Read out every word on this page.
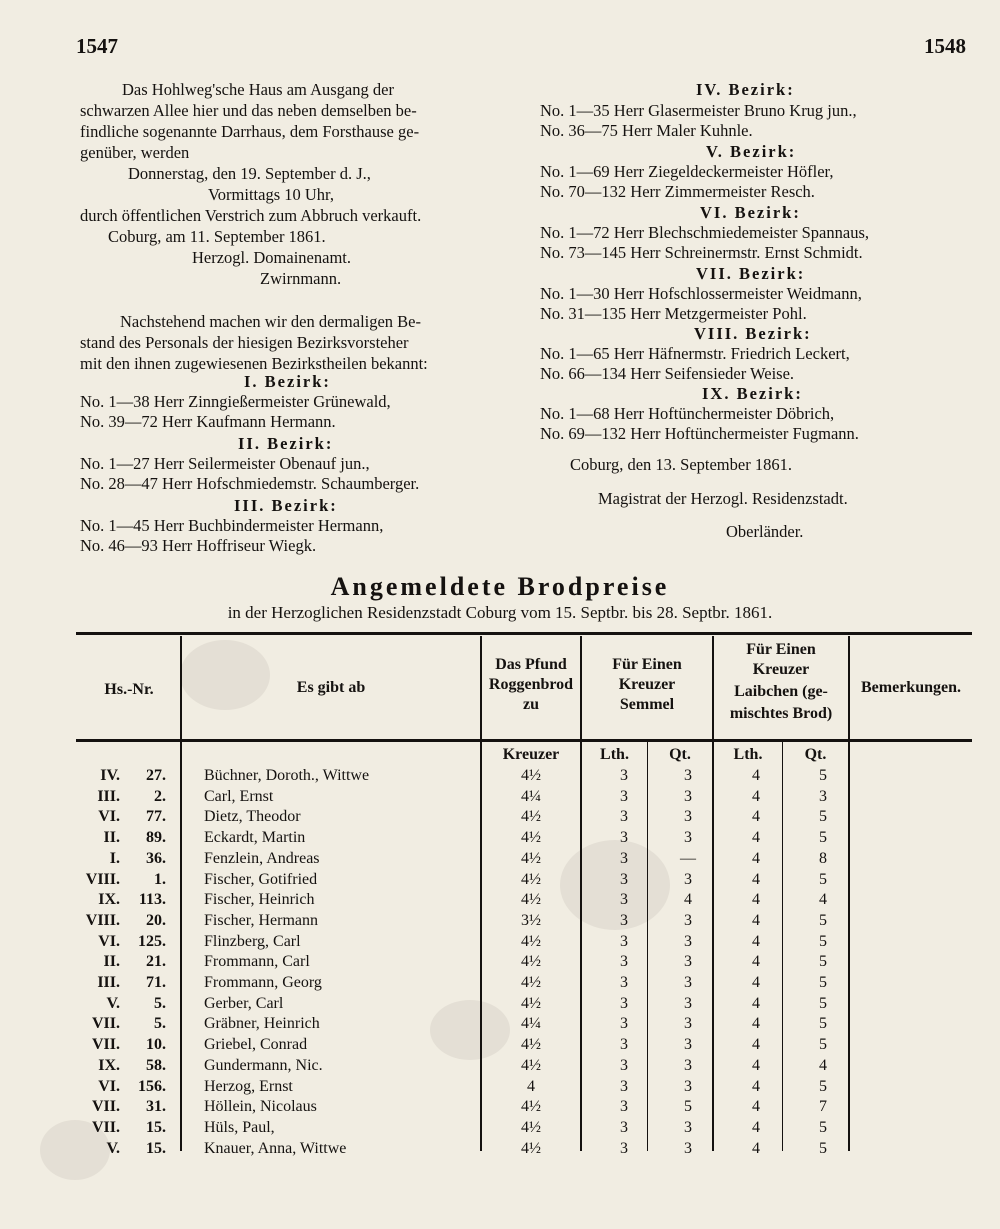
1547	1548
Das Hohlweg'sche Haus am Ausgang der
schwarzen Allee hier und das neben demselben be-
findliche sogenannte Darrhaus, dem Forsthause ge-
genüber, werden
Donnerstag, den 19. September d. J.,
Vormittags 10 Uhr,
durch öffentlichen Verstrich zum Abbruch verkauft.
Coburg, am 11. September 1861.
Herzogl. Domainenamt.
Zwirnmann.
Nachstehend machen wir den dermaligen Be-
stand des Personals der hiesigen Bezirksvorsteher
mit den ihnen zugewiesenen Bezirkstheilen bekannt:
I. Bezirk:
No. 1—38 Herr Zinngießermeister Grünewald,
No. 39—72 Herr Kaufmann Hermann.
II. Bezirk:
No. 1—27 Herr Seilermeister Obenauf jun.,
No. 28—47 Herr Hofschmiedemstr. Schaumberger.
III. Bezirk:
No. 1—45 Herr Buchbindermeister Hermann,
No. 46—93 Herr Hoffriseur Wiegk.
IV. Bezirk:
No. 1—35 Herr Glasermeister Bruno Krug jun.,
No. 36—75 Herr Maler Kuhnle.
V. Bezirk:
No. 1—69 Herr Ziegeldeckermeister Höfler,
No. 70—132 Herr Zimmermeister Resch.
VI. Bezirk:
No. 1—72 Herr Blechschmiedemeister Spannaus,
No. 73—145 Herr Schreinermstr. Ernst Schmidt.
VII. Bezirk:
No. 1—30 Herr Hofschlossermeister Weidmann,
No. 31—135 Herr Metzgermeister Pohl.
VIII. Bezirk:
No. 1—65 Herr Häfnermstr. Friedrich Leckert,
No. 66—134 Herr Seifensieder Weise.
IX. Bezirk:
No. 1—68 Herr Hoftünchermeister Döbrich,
No. 69—132 Herr Hoftünchermeister Fugmann.
Coburg, den 13. September 1861.
Magistrat der Herzogl. Residenzstadt.
Oberländer.
Angemeldete Brodpreise
in der Herzoglichen Residenzstadt Coburg vom 15. Septbr. bis 28. Septbr. 1861.
Hs.-Nr.	Es gibt ab
Das Pfund
Roggenbrod
zu
Für Einen
Kreuzer
Semmel
Für Einen
Kreuzer
Laibchen (ge-
mischtes Brod)
Bemerkungen.
Kreuzer	Lth.	Qt.	Lth.	Qt.
IV.	27. Büchner, Doroth., Wittwe	4½	3	3	4	5
III.	2. Carl, Ernst	4¼	3	3	4	3
VI.	77. Dietz, Theodor	4½	3	3	4	5
II.	89. Eckardt, Martin	4½	3	3	4	5
I.	36. Fenzlein, Andreas	4½	3	—	4	8
VIII.	1. Fischer, Gotifried	4½	3	3	4	5
IX.	113. Fischer, Heinrich	4½	3	4	4	4
VIII.	20. Fischer, Hermann	3½	3	3	4	5
VI.	125. Flinzberg, Carl	4½	3	3	4	5
II.	21. Frommann, Carl	4½	3	3	4	5
III.	71. Frommann, Georg	4½	3	3	4	5
V.	5. Gerber, Carl	4½	3	3	4	5
VII.	5. Gräbner, Heinrich	4¼	3	3	4	5
VII.	10. Griebel, Conrad	4½	3	3	4	5
IX.	58. Gundermann, Nic.	4½	3	3	4	4
VI.	156. Herzog, Ernst	4	3	3	4	5
VII.	31. Höllein, Nicolaus	4½	3	5	4	7
VII.	15. Hüls, Paul,	4½	3	3	4	5
V.	15. Knauer, Anna, Wittwe	4½	3	3	4	5
